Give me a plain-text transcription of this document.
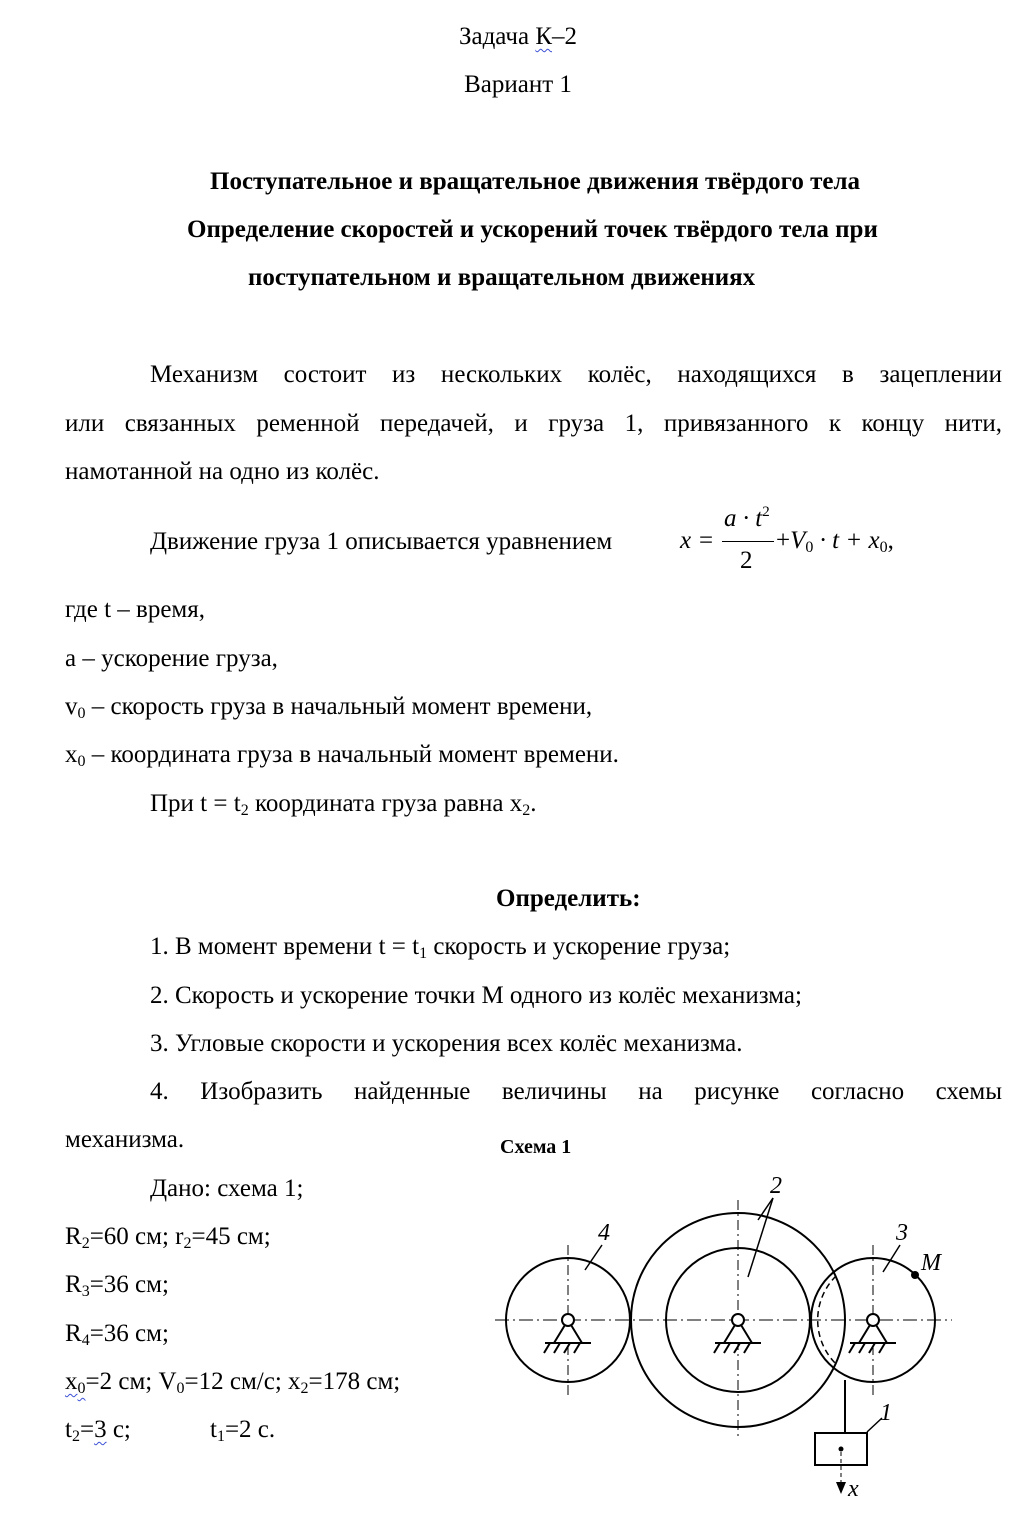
Задача К–2
Вариант 1
Поступательное и вращательное движения твёрдого тела
Определение скоростей и ускорений точек твёрдого тела при
поступательном и вращательном движениях
Механизм состоит из нескольких колёс, находящихся в зацеплении
или связанных ременной передачей, и груза 1, привязанного к концу нити,
намотанной на одно из колёс.
Движение груза 1 описывается уравнением	x =
$a \cdot t^2$
2
$+V_0 \cdot t + x_0$,
где t – время,
a – ускорение груза,
$v_0$ – скорость груза в начальный момент времени,
$x_0$ – координата груза в начальный момент времени.
При $t = t_2$ координата груза равна $x_2$.
Определить:
1. В момент времени $t = t_1$ скорость и ускорение груза;
2. Скорость и ускорение точки М одного из колёс механизма;
3. Угловые скорости и ускорения всех колёс механизма.
4. Изобразить найденные величины на рисунке согласно схемы
механизма.
Дано: схема 1;
$R_2=60$ см; $r_2=45$ см;
$R_3=36$ см;
$R_4=36$ см;
$x_0=2$ см; $V_0=12$ см/с; $x_2=178$ см;
$t_2=3$ с;	$t_1=2$ с.
Схема 1
4
2
3
M
1
x
